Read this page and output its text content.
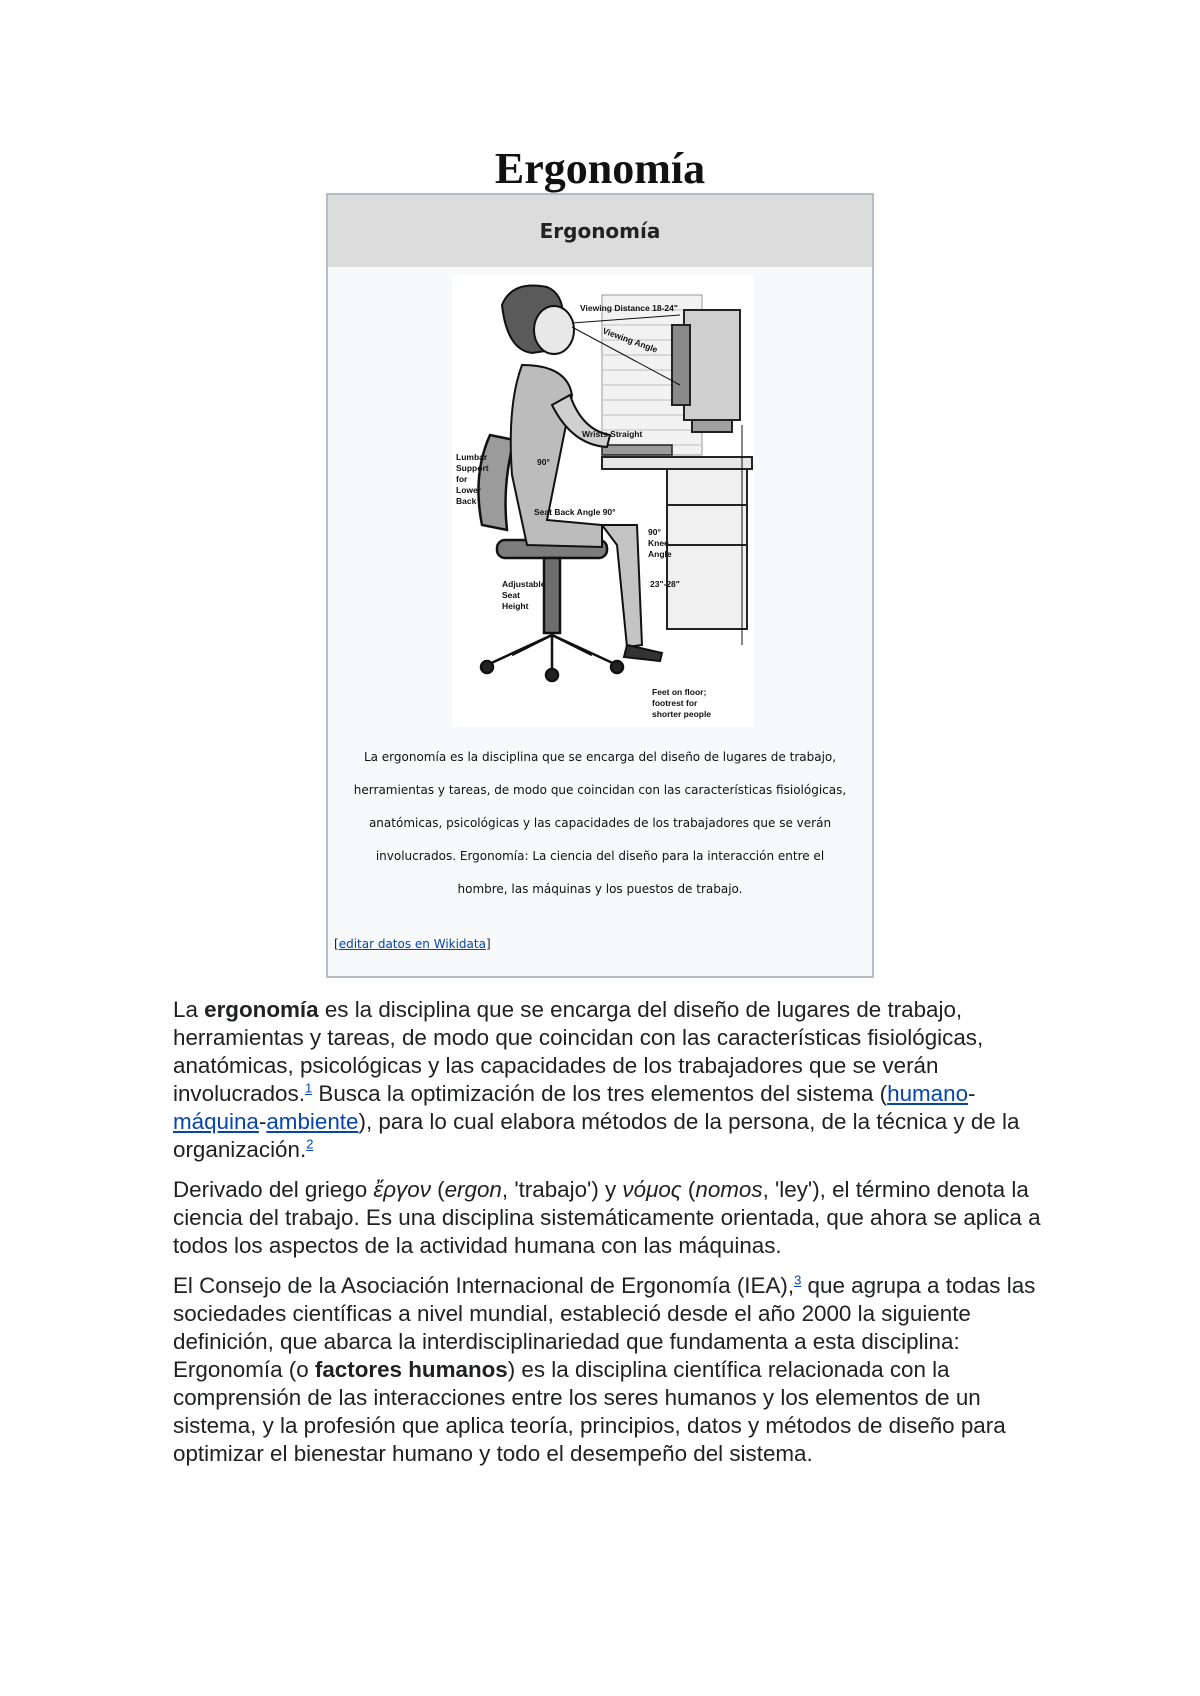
Ergonomía
Ergonomía
Viewing Distance 18-24"
Viewing Angle
Wrists Straight
Lumbar
Support
for
Lower
Back
90°
Seat Back Angle 90°
90°
Knee
Angle
Adjustable
Seat
Height
23"-28"
Feet on floor;
footrest for
shorter people
La ergonomía es la disciplina que se encarga del diseño de lugares de trabajo,
herramientas y tareas, de modo que coincidan con las características fisiológicas,
anatómicas, psicológicas y las capacidades de los trabajadores que se verán
involucrados. Ergonomía: La ciencia del diseño para la interacción entre el
hombre, las máquinas y los puestos de trabajo.
[editar datos en Wikidata]

La ergonomía es la disciplina que se encarga del diseño de lugares de trabajo, herramientas y tareas, de modo que coincidan con las características fisiológicas, anatómicas, psicológicas y las capacidades de los trabajadores que se verán involucrados.$^1$ Busca la optimización de los tres elementos del sistema (humano-máquina-ambiente), para lo cual elabora métodos de la persona, de la técnica y de la organización.$^2$

Derivado del griego ἔργον (ergon, 'trabajo') y νόμος (nomos, 'ley'), el término denota la ciencia del trabajo. Es una disciplina sistemáticamente orientada, que ahora se aplica a todos los aspectos de la actividad humana con las máquinas.

El Consejo de la Asociación Internacional de Ergonomía (IEA),$^3$ que agrupa a todas las sociedades científicas a nivel mundial, estableció desde el año 2000 la siguiente definición, que abarca la interdisciplinariedad que fundamenta a esta disciplina:

Ergonomía (o factores humanos) es la disciplina científica relacionada con la comprensión de las interacciones entre los seres humanos y los elementos de un sistema, y la profesión que aplica teoría, principios, datos y métodos de diseño para optimizar el bienestar humano y todo el desempeño del sistema.
